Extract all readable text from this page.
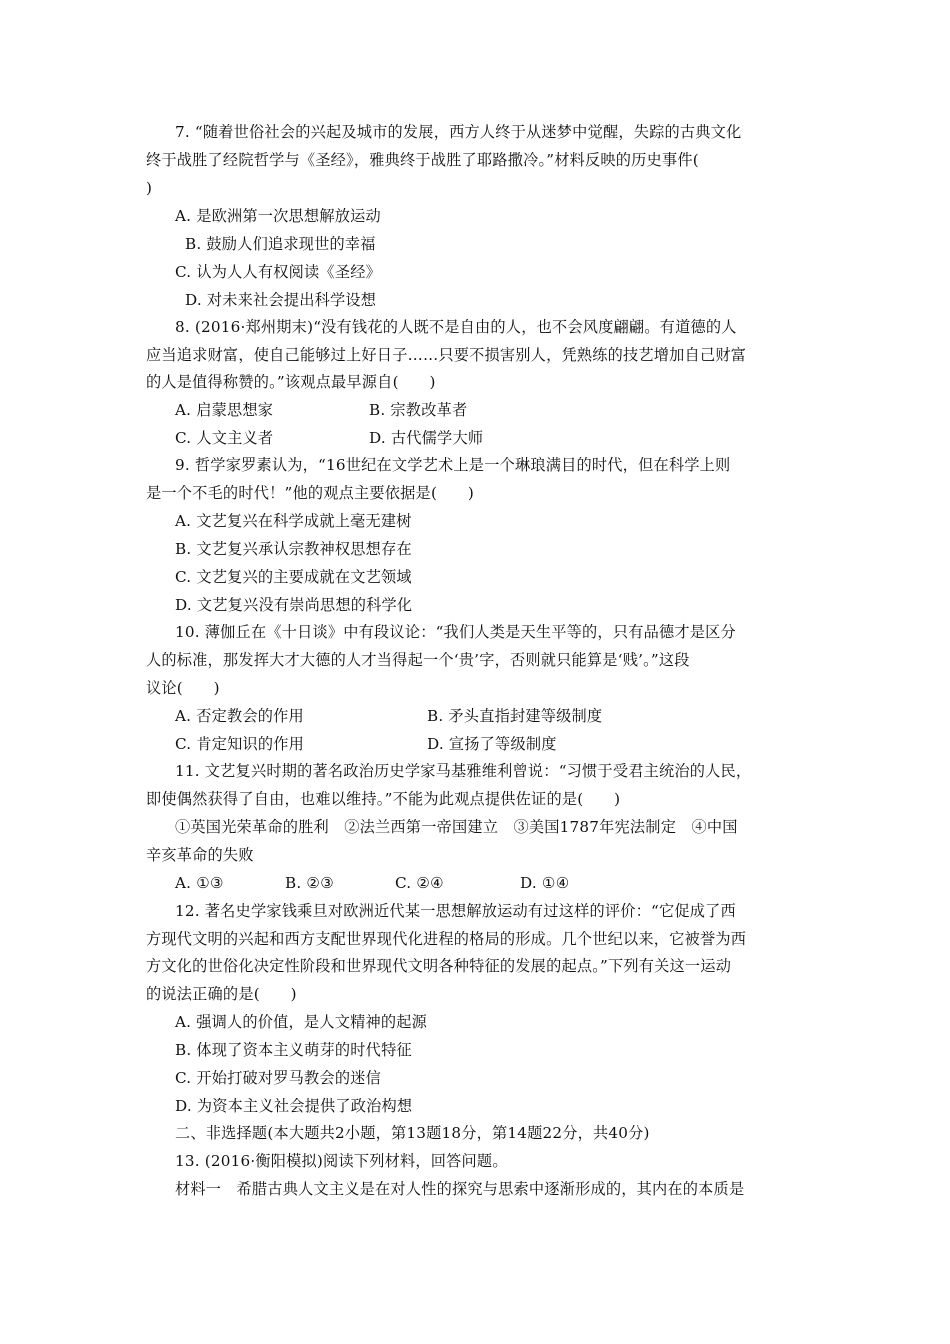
7. “随着世俗社会的兴起及城市的发展，西方人终于从迷梦中觉醒，失踪的古典文化
终于战胜了经院哲学与《圣经》，雅典终于战胜了耶路撒冷。”材料反映的历史事件(
)
A. 是欧洲第一次思想解放运动
B. 鼓励人们追求现世的幸福
C. 认为人人有权阅读《圣经》
D. 对未来社会提出科学设想
8. (2016·郑州期末)“没有钱花的人既不是自由的人，也不会风度翩翩。有道德的人
应当追求财富，使自己能够过上好日子……只要不损害别人，凭熟练的技艺增加自己财富
的人是值得称赞的。”该观点最早源自(　　)
A. 启蒙思想家	B. 宗教改革者
C. 人文主义者	D. 古代儒学大师
9. 哲学家罗素认为，“16世纪在文学艺术上是一个琳琅满目的时代，但在科学上则
是一个不毛的时代！”他的观点主要依据是(　　)
A. 文艺复兴在科学成就上毫无建树
B. 文艺复兴承认宗教神权思想存在
C. 文艺复兴的主要成就在文艺领域
D. 文艺复兴没有崇尚思想的科学化
10. 薄伽丘在《十日谈》中有段议论：“我们人类是天生平等的，只有品德才是区分
人的标准，那发挥大才大德的人才当得起一个‘贵’字，否则就只能算是‘贱’。”这段
议论(　　)
A. 否定教会的作用	B. 矛头直指封建等级制度
C. 肯定知识的作用	D. 宣扬了等级制度
11. 文艺复兴时期的著名政治历史学家马基雅维利曾说：“习惯于受君主统治的人民，
即使偶然获得了自由，也难以维持。”不能为此观点提供佐证的是(　　)
①英国光荣革命的胜利　②法兰西第一帝国建立　③美国1787年宪法制定　④中国
辛亥革命的失败
A. ①③	B. ②③	C. ②④	D. ①④
12. 著名史学家钱乘旦对欧洲近代某一思想解放运动有过这样的评价：“它促成了西
方现代文明的兴起和西方支配世界现代化进程的格局的形成。几个世纪以来，它被誉为西
方文化的世俗化决定性阶段和世界现代文明各种特征的发展的起点。”下列有关这一运动
的说法正确的是(　　)
A. 强调人的价值，是人文精神的起源
B. 体现了资本主义萌芽的时代特征
C. 开始打破对罗马教会的迷信
D. 为资本主义社会提供了政治构想
二、非选择题(本大题共2小题，第13题18分，第14题22分，共40分)
13. (2016·衡阳模拟)阅读下列材料，回答问题。
材料一　希腊古典人文主义是在对人性的探究与思索中逐渐形成的，其内在的本质是
